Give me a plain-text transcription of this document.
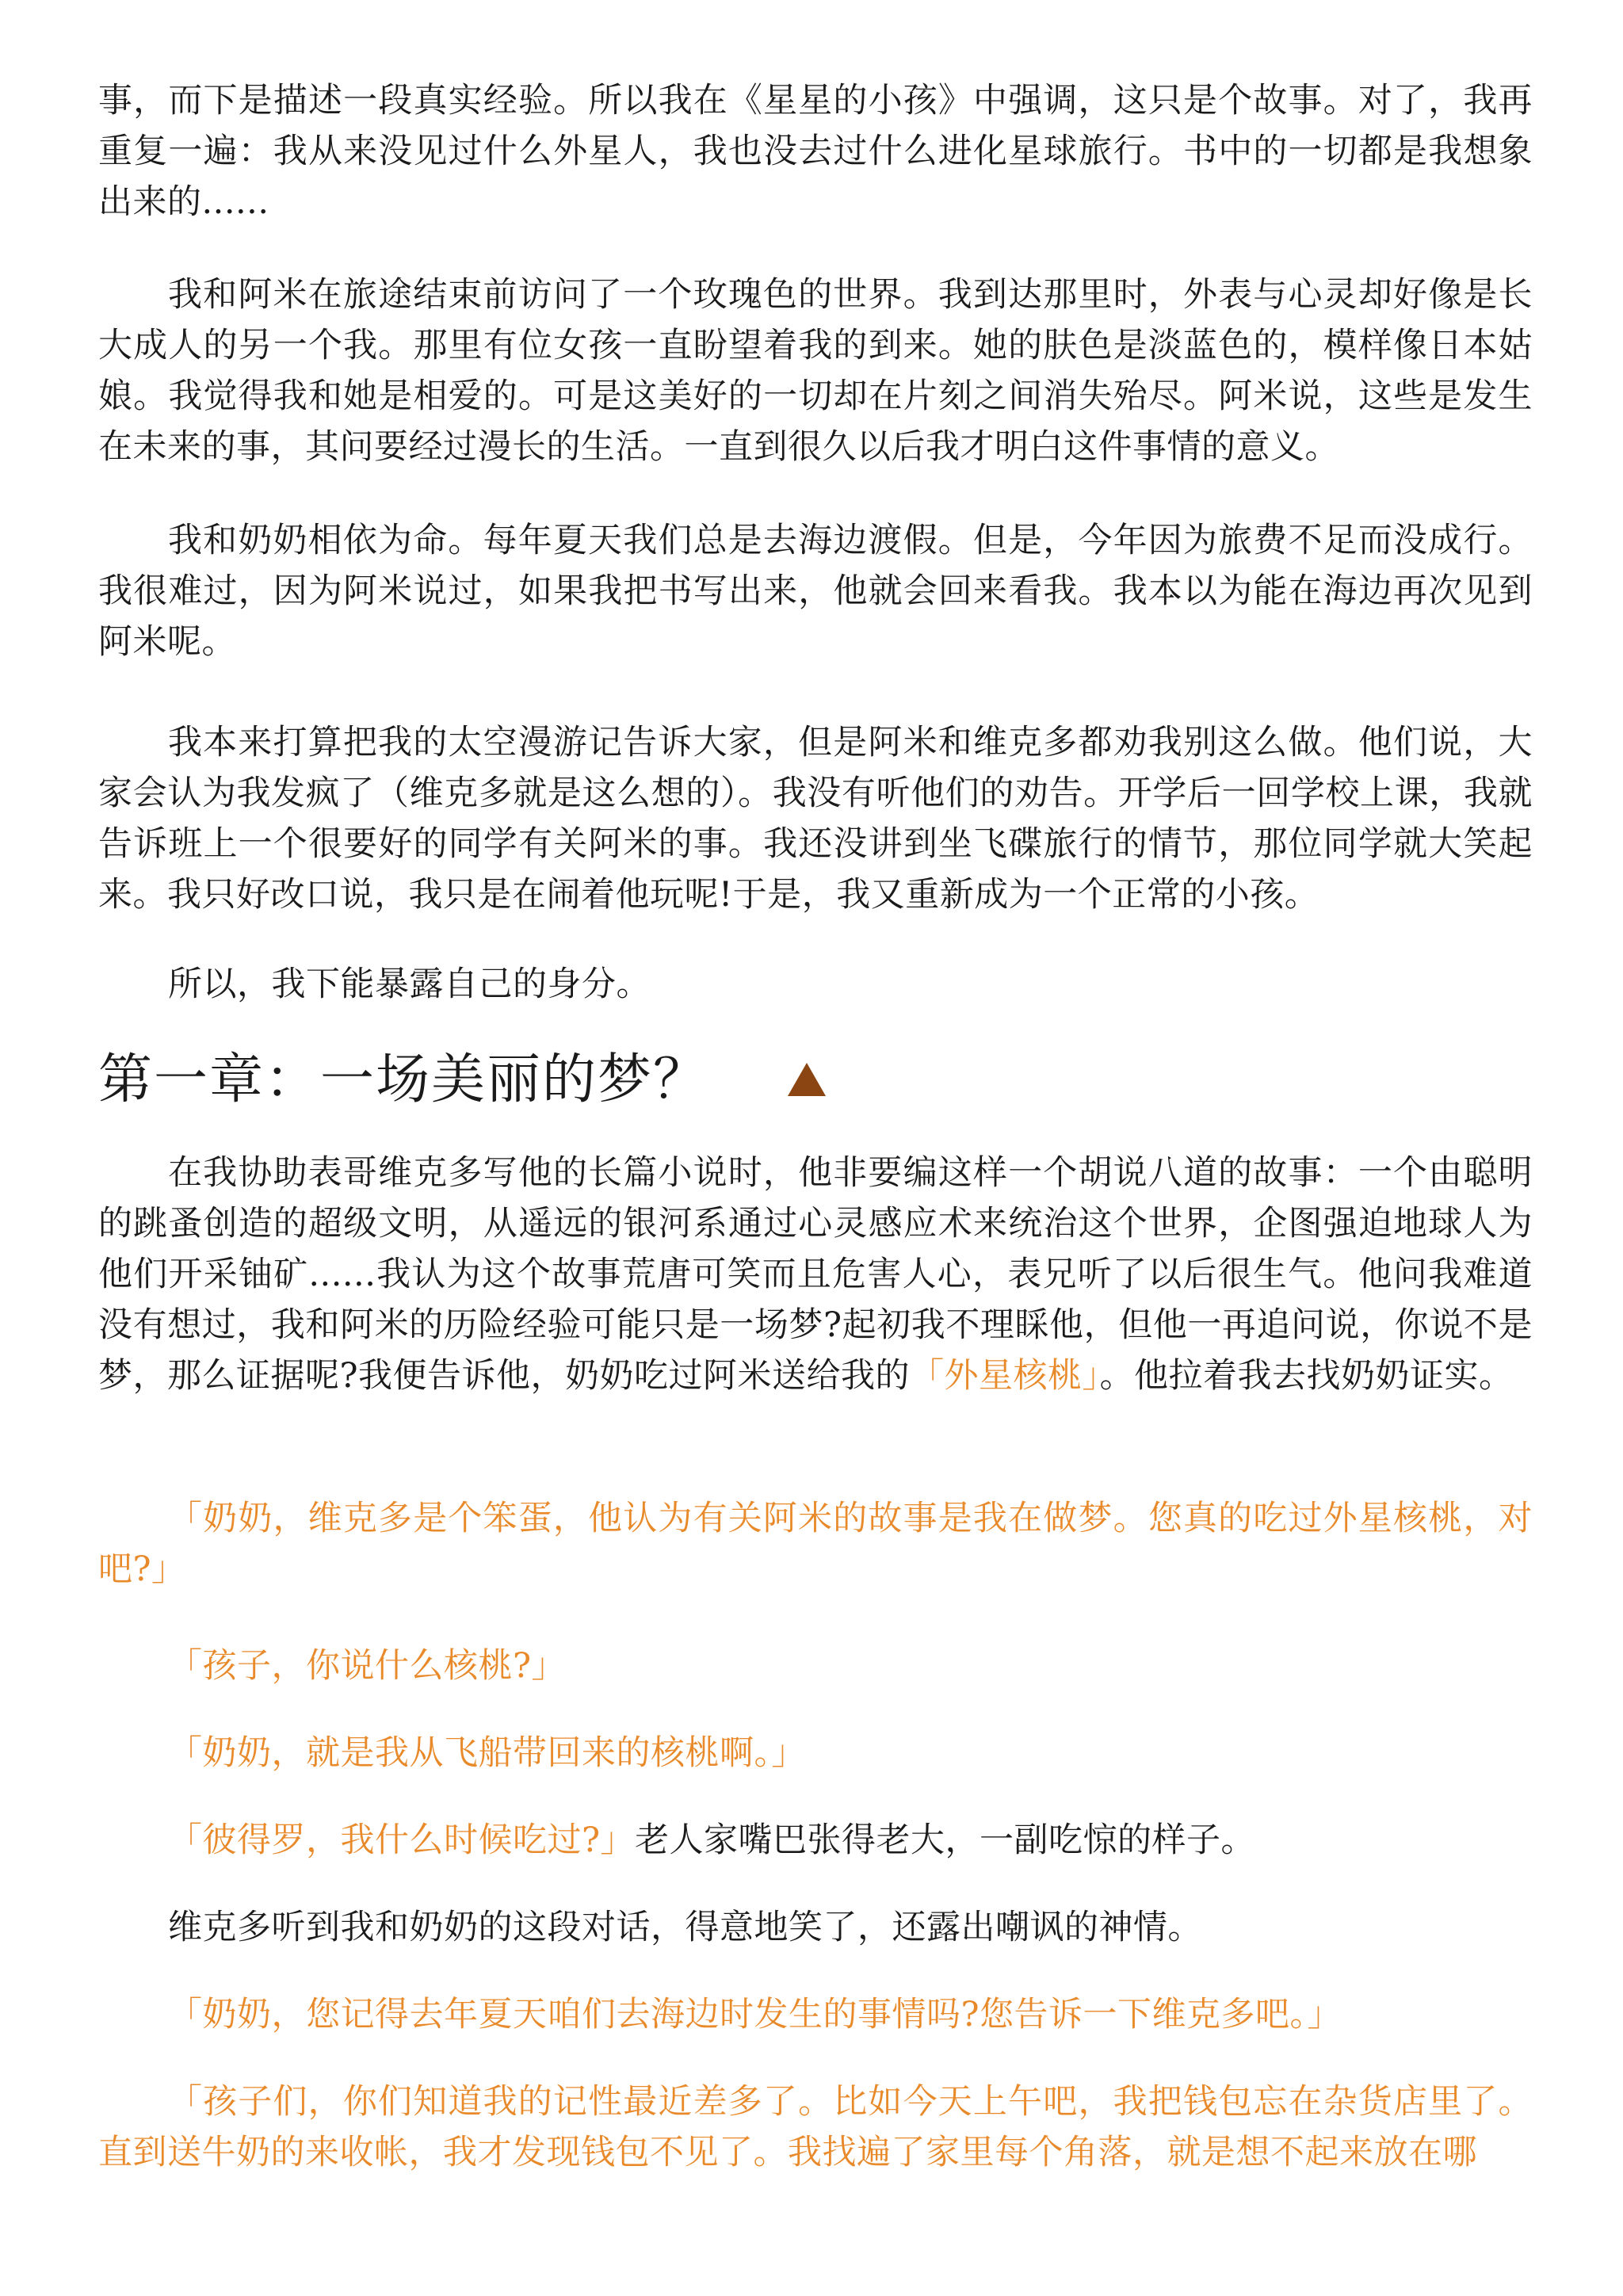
事，而下是描述一段真实经验。所以我在《星星的小孩》中强调，这只是个故事。对了，我再重复一遍：我从来没见过什么外星人，我也没去过什么进化星球旅行。书中的一切都是我想象出来的......

我和阿米在旅途结束前访问了一个玫瑰色的世界。我到达那里时，外表与心灵却好像是长大成人的另一个我。那里有位女孩一直盼望着我的到来。她的肤色是淡蓝色的，模样像日本姑娘。我觉得我和她是相爱的。可是这美好的一切却在片刻之间消失殆尽。阿米说，这些是发生在未来的事，其问要经过漫长的生活。一直到很久以后我才明白这件事情的意义。

我和奶奶相依为命。每年夏天我们总是去海边渡假。但是，今年因为旅费不足而没成行。我很难过，因为阿米说过，如果我把书写出来，他就会回来看我。我本以为能在海边再次见到阿米呢。

我本来打算把我的太空漫游记告诉大家，但是阿米和维克多都劝我别这么做。他们说，大家会认为我发疯了（维克多就是这么想的）。我没有听他们的劝告。开学后一回学校上课，我就告诉班上一个很要好的同学有关阿米的事。我还没讲到坐飞碟旅行的情节，那位同学就大笑起来。我只好改口说，我只是在闹着他玩呢!于是，我又重新成为一个正常的小孩。

所以，我下能暴露自己的身分。

第一章：一场美丽的梦？

在我协助表哥维克多写他的长篇小说时，他非要编这样一个胡说八道的故事：一个由聪明的跳蚤创造的超级文明，从遥远的银河系通过心灵感应术来统治这个世界，企图强迫地球人为他们开采铀矿......我认为这个故事荒唐可笑而且危害人心，表兄听了以后很生气。他问我难道没有想过，我和阿米的历险经验可能只是一场梦?起初我不理睬他，但他一再追问说，你说不是梦，那么证据呢?我便告诉他，奶奶吃过阿米送给我的「外星核桃」。他拉着我去找奶奶证实。

「奶奶，维克多是个笨蛋，他认为有关阿米的故事是我在做梦。您真的吃过外星核桃，对吧?」

「孩子，你说什么核桃?」

「奶奶，就是我从飞船带回来的核桃啊。」

「彼得罗，我什么时候吃过?」老人家嘴巴张得老大，一副吃惊的样子。

维克多听到我和奶奶的这段对话，得意地笑了，还露出嘲讽的神情。

「奶奶，您记得去年夏天咱们去海边时发生的事情吗?您告诉一下维克多吧。」

「孩子们，你们知道我的记性最近差多了。比如今天上午吧，我把钱包忘在杂货店里了。直到送牛奶的来收帐，我才发现钱包不见了。我找遍了家里每个角落，就是想不起来放在哪
